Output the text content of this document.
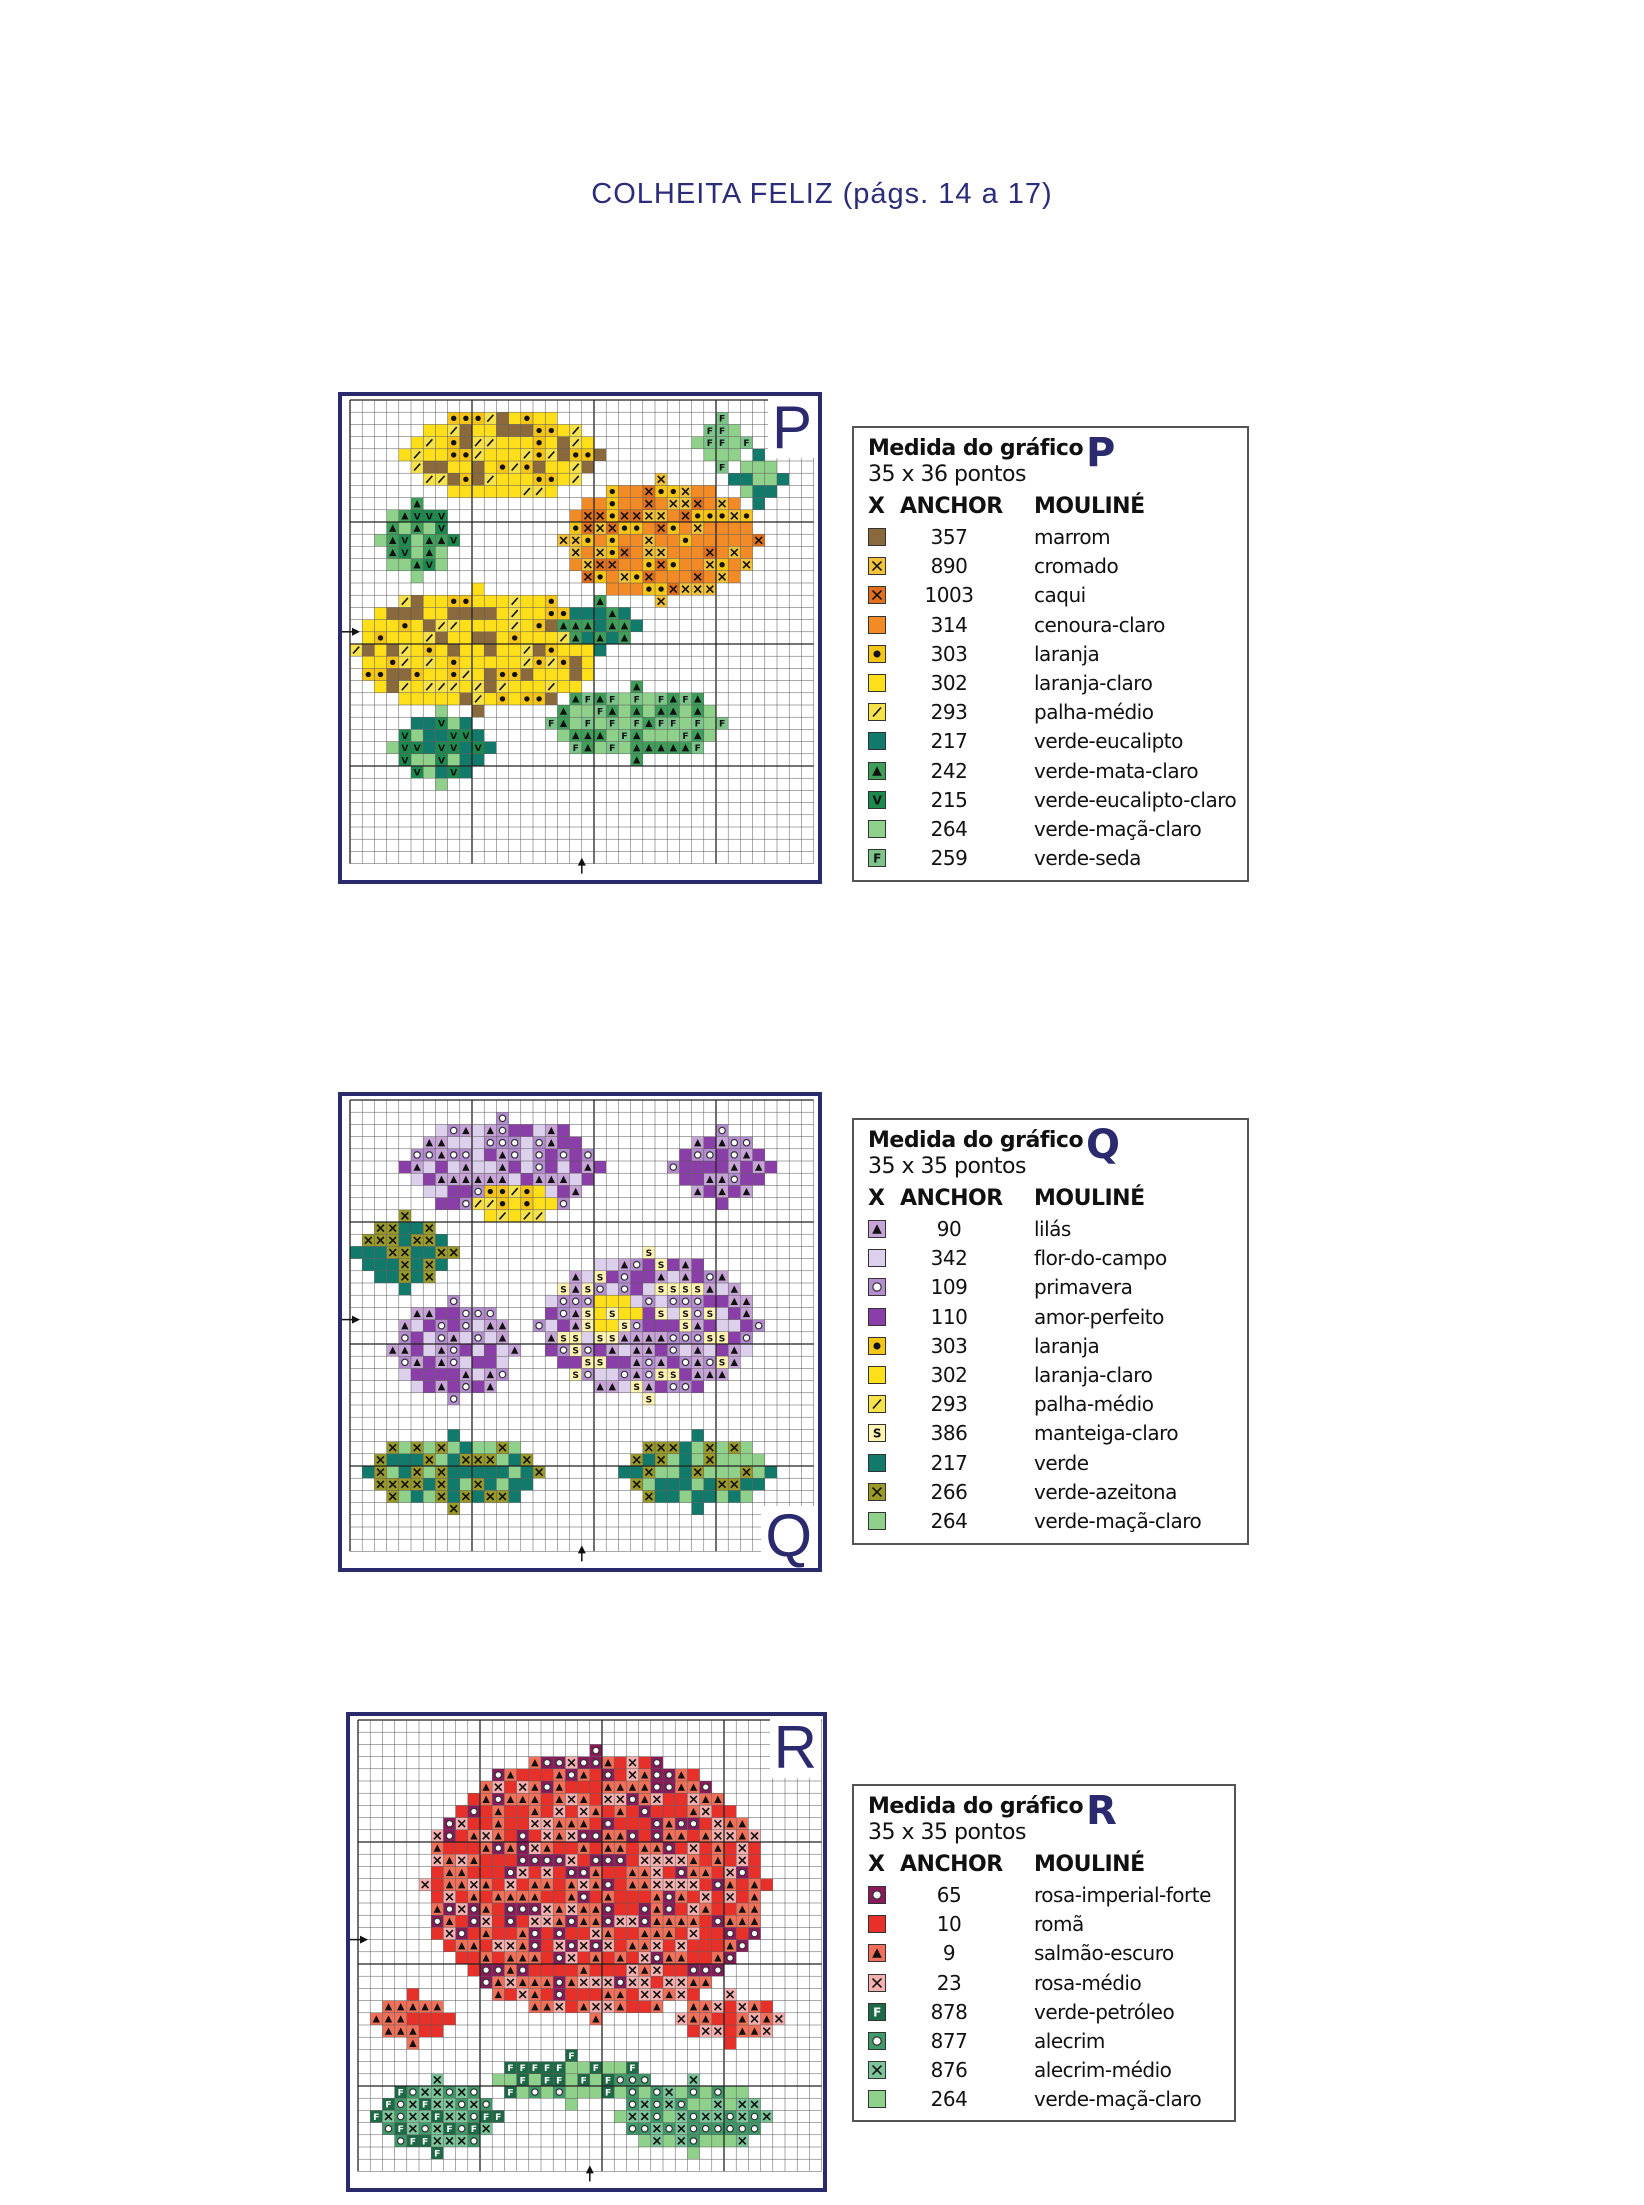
COLHEITA FELIZ (págs. 14 a 17)
F
F F
F F F
F
V V V
V
V	V
V
V
F F F F F
F
V	F	F F F F F F F
V	V V	F	F
V V V V V	F	F	F
V	V
V	V
P	Medida do gráfico
35 x 36 pontos P
X ANCHOR MOULINÉ
357	marrom
890	cromado
1003	caqui
314	cenoura-claro
303	laranja
302	laranja-claro
293	palha-médio
217	verde-eucalipto
242	verde-mata-claro
V	215	verde-eucalipto-claro
264	verde-maçã-claro
F	259	verde-seda
S
S
S
S S	S S S S
S S	S S S
S	S	S
S S S S	S S
S
S S	S
S	S S
S
S
Q
Medida do gráfico
35 x 35 pontos Q
X ANCHOR MOULINÉ
90	lilás
342	flor-do-campo
109	primavera
110	amor-perfeito
303	laranja
302	laranja-claro
293	palha-médio
S	386	manteiga-claro
217	verde
266	verde-azeitona
264	verde-maçã-claro
F
F F F F F	F	F
F F F F F
F	F	F
F	F
F	F	F F
F	F F
F F
F
R
Medida do gráfico
35 x 35 pontos R
X ANCHOR MOULINÉ
65	rosa-imperial-forte
10	romã
9	salmão-escuro
23	rosa-médio
F	878	verde-petróleo
877	alecrim
876	alecrim-médio
264	verde-maçã-claro
